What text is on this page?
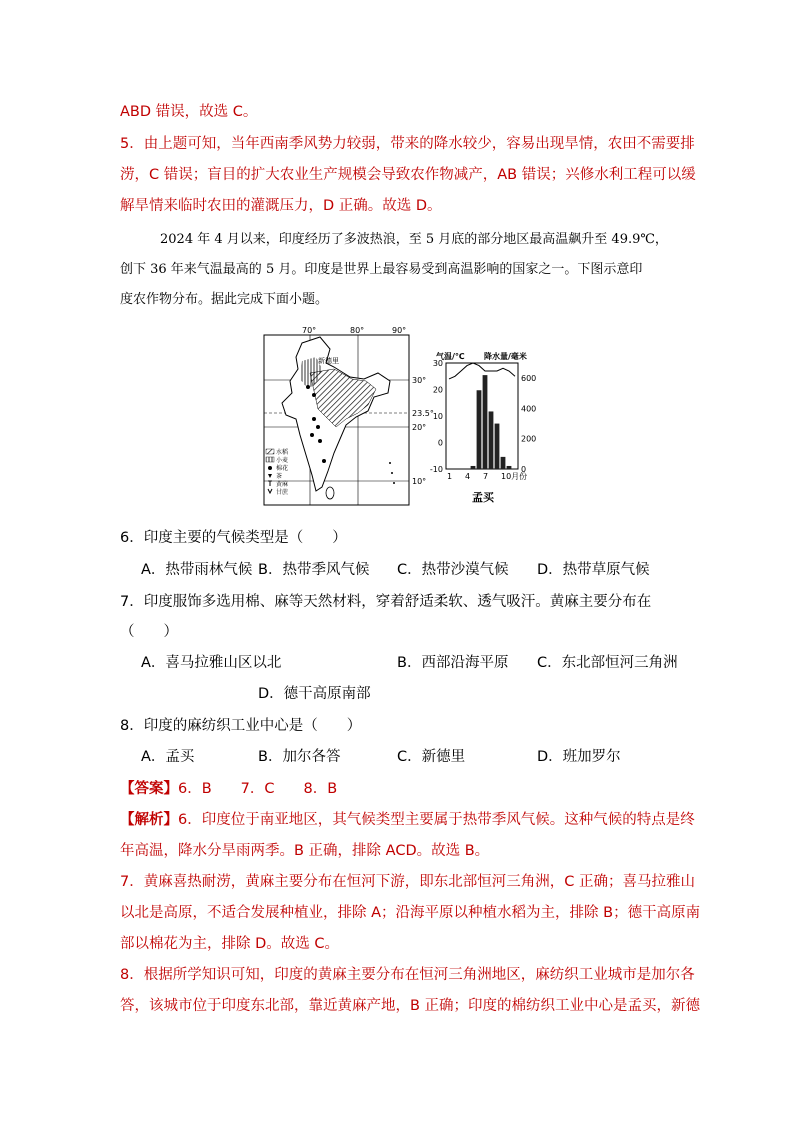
ABD 错误，故选 C。
5．由上题可知，当年西南季风势力较弱，带来的降水较少，容易出现旱情，农田不需要排
涝，C 错误；盲目的扩大农业生产规模会导致农作物减产，AB 错误；兴修水利工程可以缓
解旱情来临时农田的灌溉压力，D 正确。故选 D。
2024 年 4 月以来，印度经历了多波热浪，至 5 月底的部分地区最高温飙升至 49.9℃，
创下 36 年来气温最高的 5 月。印度是世界上最容易受到高温影响的国家之一。下图示意印
度农作物分布。据此完成下面小题。
新德里
70°	80°	90°
30°
23.5°
20°
10°
水稻
小麦
棉花
茶
黄麻
甘蔗
气温/℃ 降水量/毫米
30
20
10
0
-10
600
400
200
0
1 4 7 10月份
孟买
6．印度主要的气候类型是（　　）
A．热带雨林气候 B．热带季风气候 C．热带沙漠气候 D．热带草原气候
7．印度服饰多选用棉、麻等天然材料，穿着舒适柔软、透气吸汗。黄麻主要分布在
（　　）
A．喜马拉雅山区以北	B．西部沿海平原 C．东北部恒河三角洲
D．德干高原南部
8．印度的麻纺织工业中心是（　　）
A．孟买	B．加尔各答	C．新德里	D．班加罗尔
【答案】6．B　　7．C　　8．B
【解析】6．印度位于南亚地区，其气候类型主要属于热带季风气候。这种气候的特点是终
年高温，降水分旱雨两季。B 正确，排除 ACD。故选 B。
7．黄麻喜热耐涝，黄麻主要分布在恒河下游，即东北部恒河三角洲，C 正确；喜马拉雅山
以北是高原，不适合发展种植业，排除 A；沿海平原以种植水稻为主，排除 B；德干高原南
部以棉花为主，排除 D。故选 C。
8．根据所学知识可知，印度的黄麻主要分布在恒河三角洲地区，麻纺织工业城市是加尔各
答，该城市位于印度东北部，靠近黄麻产地，B 正确；印度的棉纺织工业中心是孟买，新德
